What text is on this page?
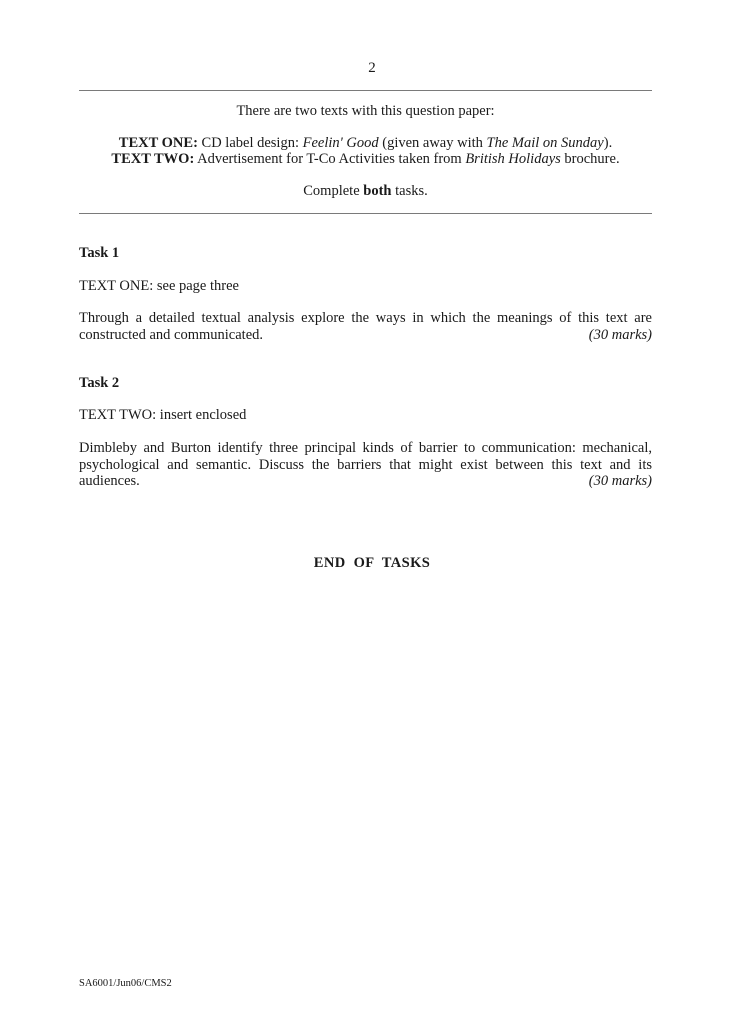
2
There are two texts with this question paper:
TEXT ONE: CD label design: Feelin' Good (given away with The Mail on Sunday).
TEXT TWO: Advertisement for T-Co Activities taken from British Holidays brochure.
Complete both tasks.
Task 1
TEXT ONE: see page three
Through a detailed textual analysis explore the ways in which the meanings of this text are
constructed and communicated.	(30 marks)
Task 2
TEXT TWO: insert enclosed
Dimbleby and Burton identify three principal kinds of barrier to communication: mechanical,
psychological and semantic. Discuss the barriers that might exist between this text and its
audiences.	(30 marks)
END OF TASKS
SA6001/Jun06/CMS2
